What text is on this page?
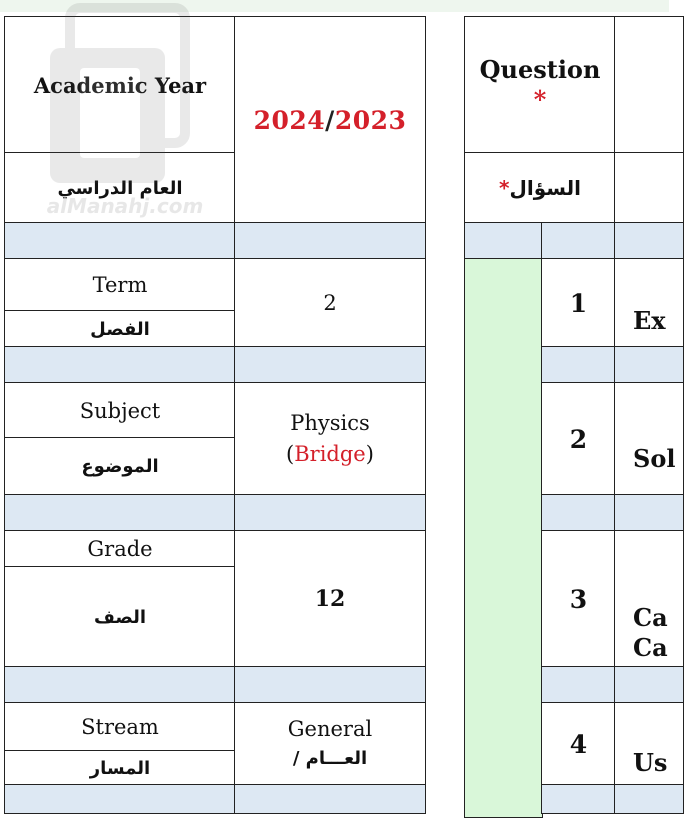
Academic Year
العام الدراسي
2024 / 2023
Term
الفصل
2
Subject
الموضوع
Physics
(Bridge)
Grade
الصف
12
Stream
المسار
General
العـــام /
Question
*
السؤال
*
1
Ex
2
Sol
3
Ca
Ca
4
Us
